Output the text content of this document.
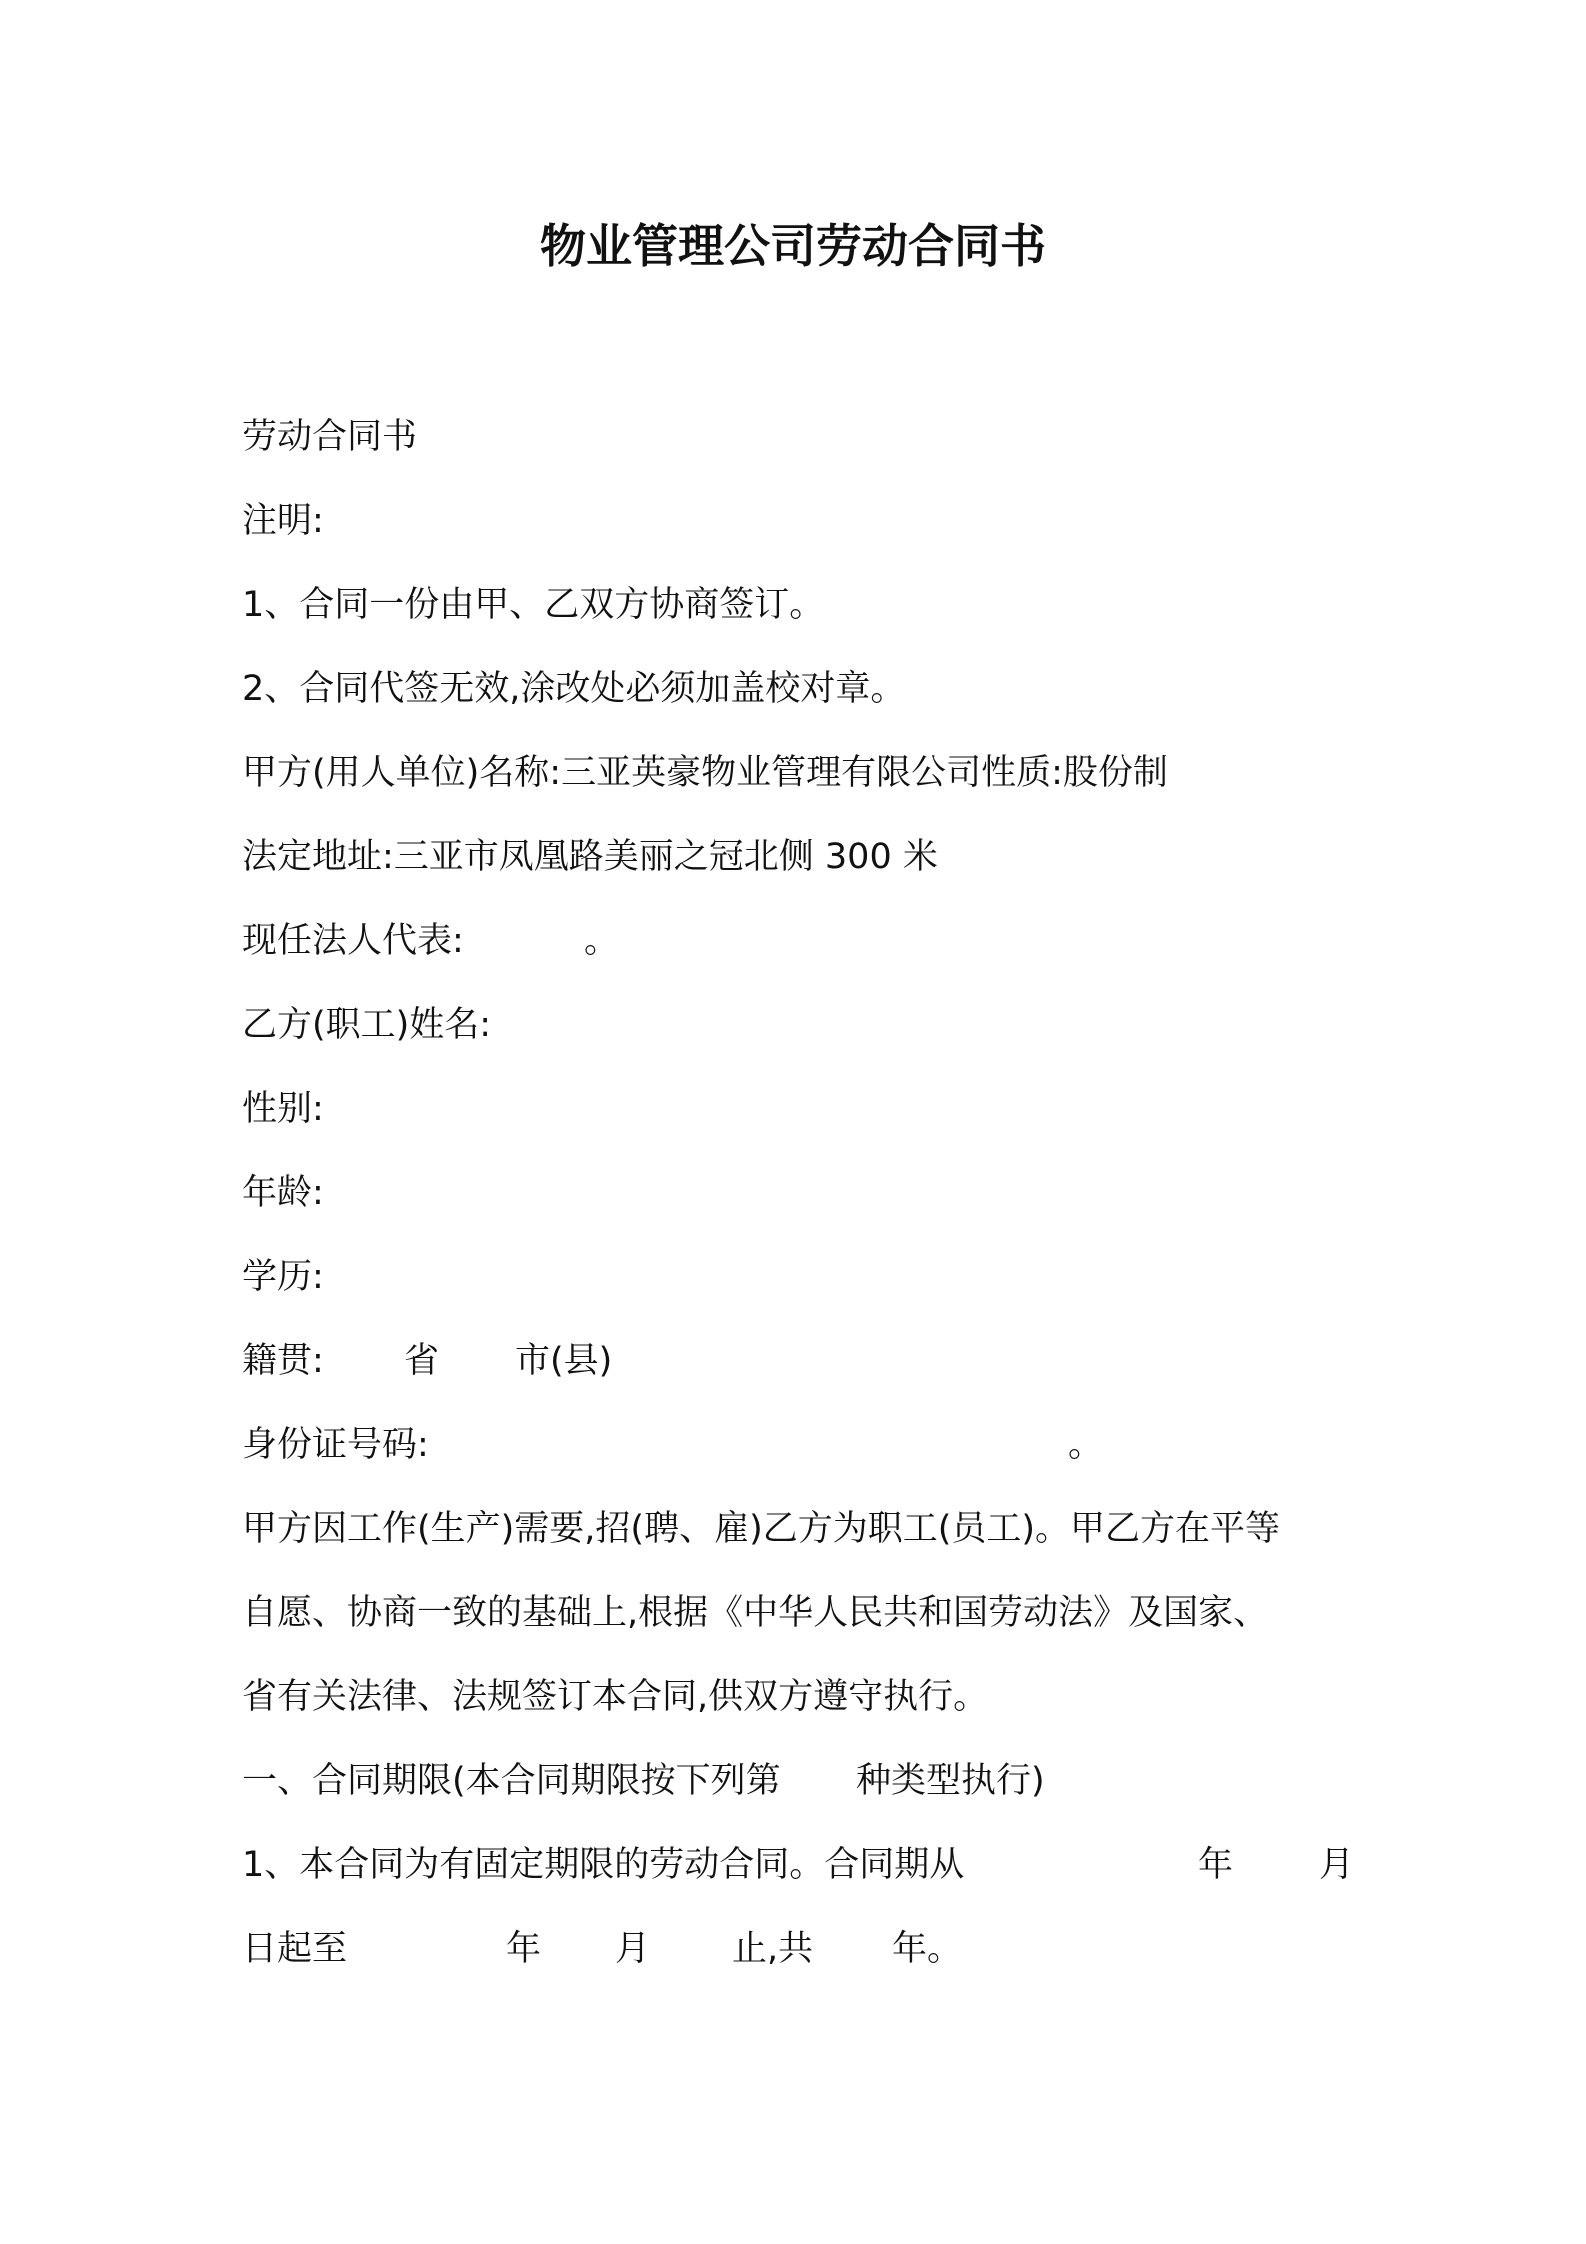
物业管理公司劳动合同书

劳动合同书

注明:

1、合同一份由甲、乙双方协商签订。

2、合同代签无效,涂改处必须加盖校对章。

甲方(用人单位)名称:三亚英豪物业管理有限公司性质:股份制

法定地址:三亚市凤凰路美丽之冠北侧 300 米

现任法人代表:	。

乙方(职工)姓名:

性别:

年龄:

学历:

籍贯: 省 市(县)
身份证号码:	。

甲方因工作(生产)需要,招(聘、雇)乙方为职工(员工)。甲乙方在平等

自愿、协商一致的基础上,根据《中华人民共和国劳动法》及国家、

省有关法律、法规签订本合同,供双方遵守执行。

一、合同期限(本合同期限按下列第 种类型执行)
1、本合同为有固定期限的劳动合同。合同期从	年 月
日起至	年 月 止,共 年。
